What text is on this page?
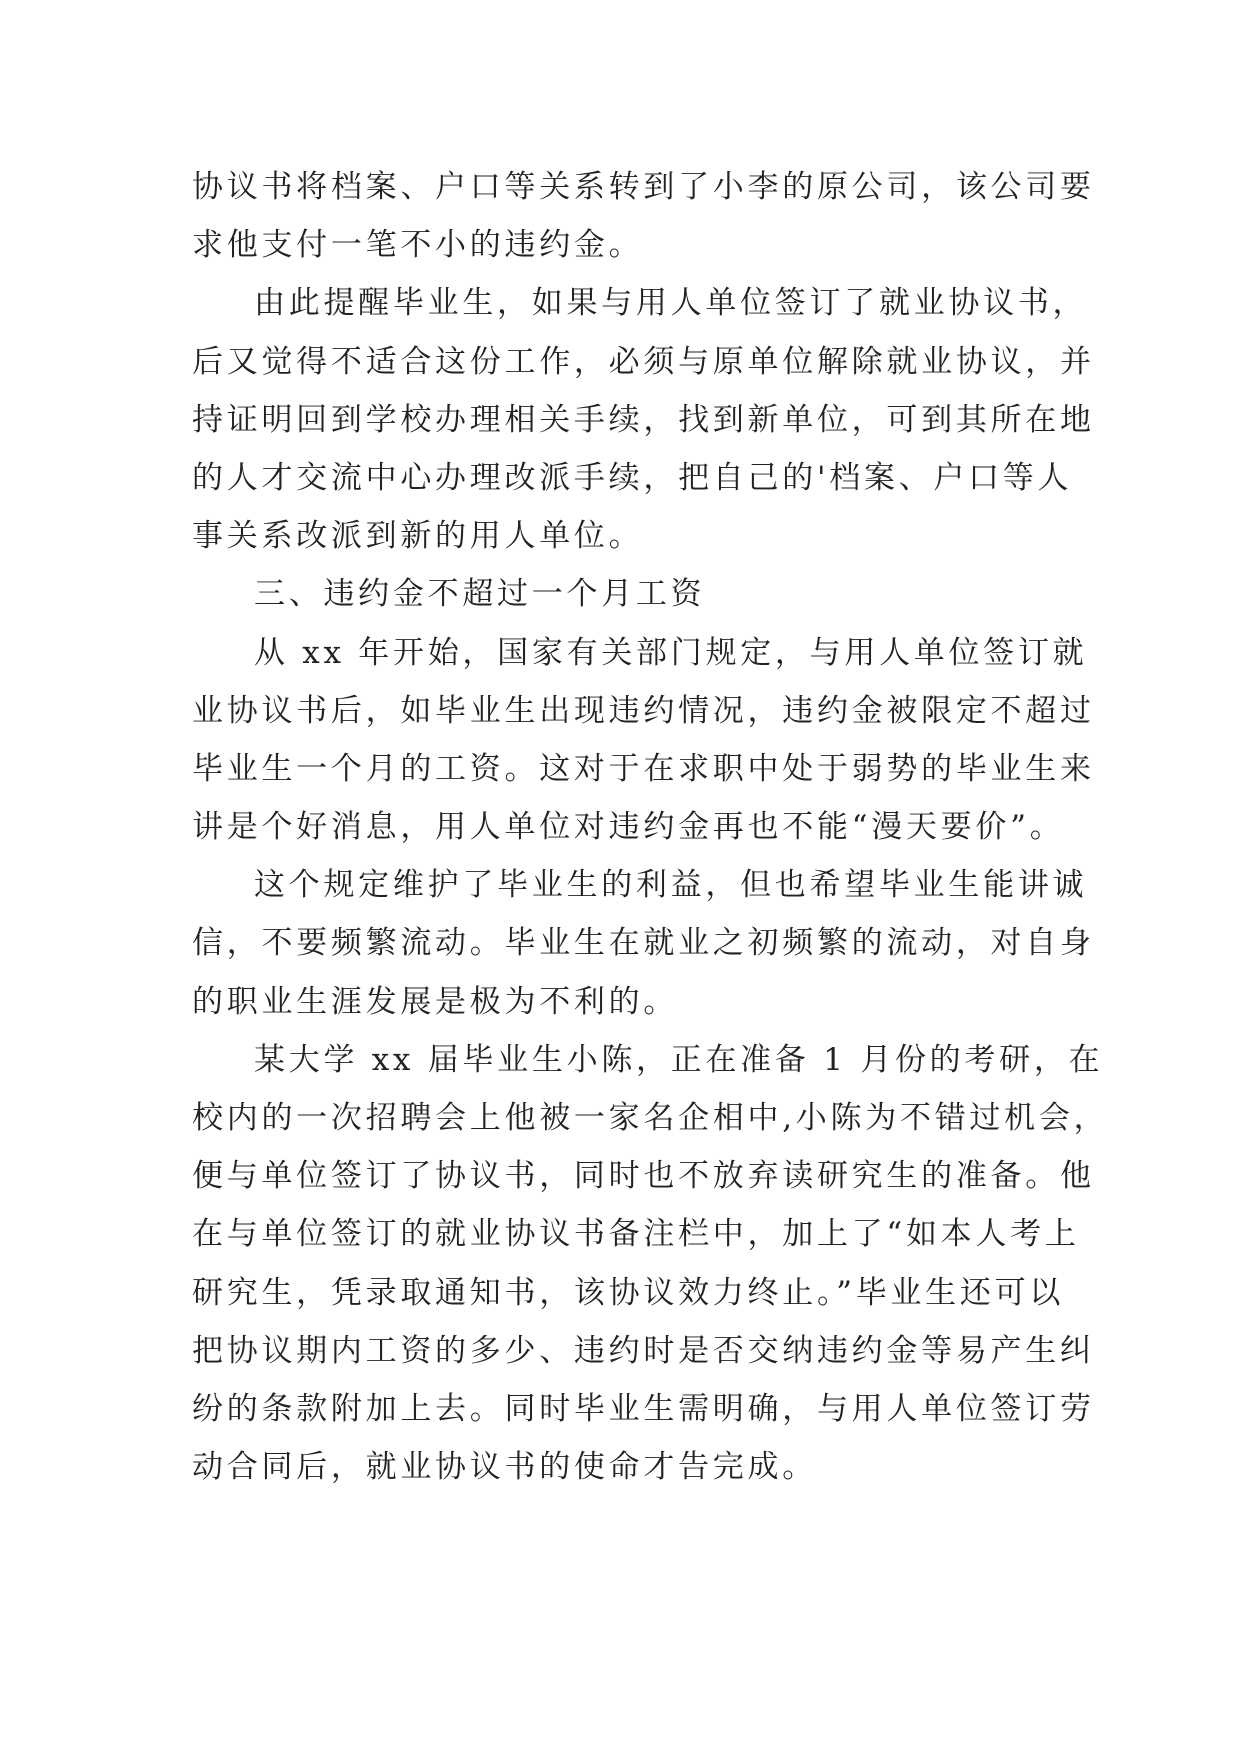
协议书将档案、户口等关系转到了小李的原公司，该公司要
求他支付一笔不小的违约金。
由此提醒毕业生，如果与用人单位签订了就业协议书，
后又觉得不适合这份工作，必须与原单位解除就业协议，并
持证明回到学校办理相关手续，找到新单位，可到其所在地
的人才交流中心办理改派手续，把自己的'档案、户口等人
事关系改派到新的用人单位。
三、违约金不超过一个月工资
从 xx 年开始，国家有关部门规定，与用人单位签订就
业协议书后，如毕业生出现违约情况，违约金被限定不超过
毕业生一个月的工资。这对于在求职中处于弱势的毕业生来
讲是个好消息，用人单位对违约金再也不能“漫天要价”。
这个规定维护了毕业生的利益，但也希望毕业生能讲诚
信，不要频繁流动。毕业生在就业之初频繁的流动，对自身
的职业生涯发展是极为不利的。
某大学 xx 届毕业生小陈，正在准备 1 月份的考研，在
校内的一次招聘会上他被一家名企相中,小陈为不错过机会，
便与单位签订了协议书，同时也不放弃读研究生的准备。他
在与单位签订的就业协议书备注栏中，加上了“如本人考上
研究生，凭录取通知书，该协议效力终止。”毕业生还可以
把协议期内工资的多少、违约时是否交纳违约金等易产生纠
纷的条款附加上去。同时毕业生需明确，与用人单位签订劳
动合同后，就业协议书的使命才告完成。
